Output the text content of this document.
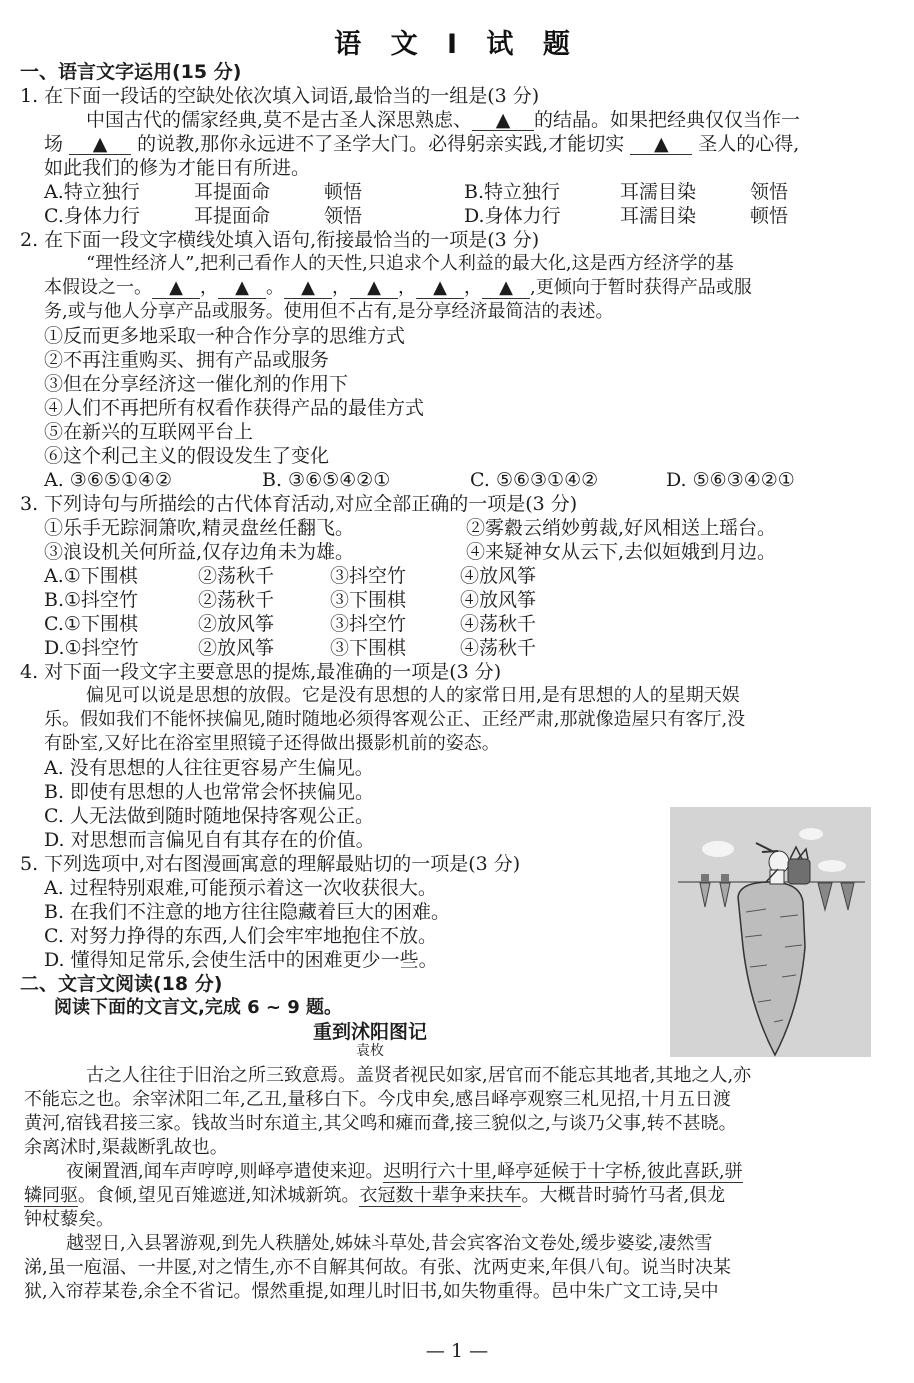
语 文 Ⅰ 试 题
一、语言文字运用(15 分)
1. 在下面一段话的空缺处依次填入词语,最恰当的一组是(3 分)
中国古代的儒家经典,莫不是古圣人深思熟虑、 ▲ 的结晶。如果把经典仅仅当作一
场 ▲ 的说教,那你永远进不了圣学大门。必得躬亲实践,才能切实 ▲ 圣人的心得,
如此我们的修为才能日有所进。
A.特立独行	耳提面命	顿悟	B.特立独行	耳濡目染	领悟
C.身体力行	耳提面命	领悟	D.身体力行	耳濡目染	顿悟
2. 在下面一段文字横线处填入语句,衔接最恰当的一项是(3 分)
“理性经济人”,把利己看作人的天性,只追求个人利益的最大化,这是西方经济学的基
本假设之一。 ▲ ， ▲ 。 ▲ ， ▲ ， ▲ ， ▲ ,更倾向于暂时获得产品或服
务,或与他人分享产品或服务。使用但不占有,是分享经济最简洁的表述。
①反而更多地采取一种合作分享的思维方式
②不再注重购买、拥有产品或服务
③但在分享经济这一催化剂的作用下
④人们不再把所有权看作获得产品的最佳方式
⑤在新兴的互联网平台上
⑥这个利己主义的假设发生了变化
A. ③⑥⑤①④②	B. ③⑥⑤④②①	C. ⑤⑥③①④②	D. ⑤⑥③④②①
3. 下列诗句与所描绘的古代体育活动,对应全部正确的一项是(3 分)
①乐手无踪洞箫吹,精灵盘丝任翻飞。	②雾縠云绡妙剪裁,好风相送上瑶台。
③浪设机关何所益,仅存边角未为雄。	④来疑神女从云下,去似姮娥到月边。
A.①下围棋	②荡秋千	③抖空竹	④放风筝
B.①抖空竹	②荡秋千	③下围棋	④放风筝
C.①下围棋	②放风筝	③抖空竹	④荡秋千
D.①抖空竹	②放风筝	③下围棋	④荡秋千
4. 对下面一段文字主要意思的提炼,最准确的一项是(3 分)
偏见可以说是思想的放假。它是没有思想的人的家常日用,是有思想的人的星期天娱
乐。假如我们不能怀挟偏见,随时随地必须得客观公正、正经严肃,那就像造屋只有客厅,没
有卧室,又好比在浴室里照镜子还得做出摄影机前的姿态。
A. 没有思想的人往往更容易产生偏见。
B. 即使有思想的人也常常会怀挟偏见。
C. 人无法做到随时随地保持客观公正。
D. 对思想而言偏见自有其存在的价值。
5. 下列选项中,对右图漫画寓意的理解最贴切的一项是(3 分)
A. 过程特别艰难,可能预示着这一次收获很大。
B. 在我们不注意的地方往往隐藏着巨大的困难。
C. 对努力挣得的东西,人们会牢牢地抱住不放。
D. 懂得知足常乐,会使生活中的困难更少一些。
二、文言文阅读(18 分)
阅读下面的文言文,完成 6 ~ 9 题。
重到沭阳图记
袁枚
古之人往往于旧治之所三致意焉。盖贤者视民如家,居官而不能忘其地者,其地之人,亦
不能忘之也。余宰沭阳二年,乙丑,量移白下。今戊申矣,感吕峄亭观察三札见招,十月五日渡
黄河,宿钱君接三家。钱故当时东道主,其父鸣和瘫而聋,接三貌似之,与谈乃父事,转不甚晓。
余离沭时,渠裁断乳故也。
夜阑置酒,闻车声哼哼,则峄亭遣使来迎。迟明行六十里,峄亭延候于十字桥,彼此喜跃,骈
辚同驱。食倾,望见百雉遮迸,知沭城新筑。衣冠数十辈争来扶车。大概昔时骑竹马者,俱龙
钟杖藜矣。
越翌日,入县署游观,到先人秩膳处,姊妹斗草处,昔会宾客治文卷处,缓步婆娑,凄然雪
涕,虽一庖湢、一井匽,对之情生,亦不自解其何故。有张、沈两吏来,年俱八旬。说当时决某
狱,入帘荐某卷,余全不省记。憬然重提,如理儿时旧书,如失物重得。邑中朱广文工诗,吴中
— 1 —
